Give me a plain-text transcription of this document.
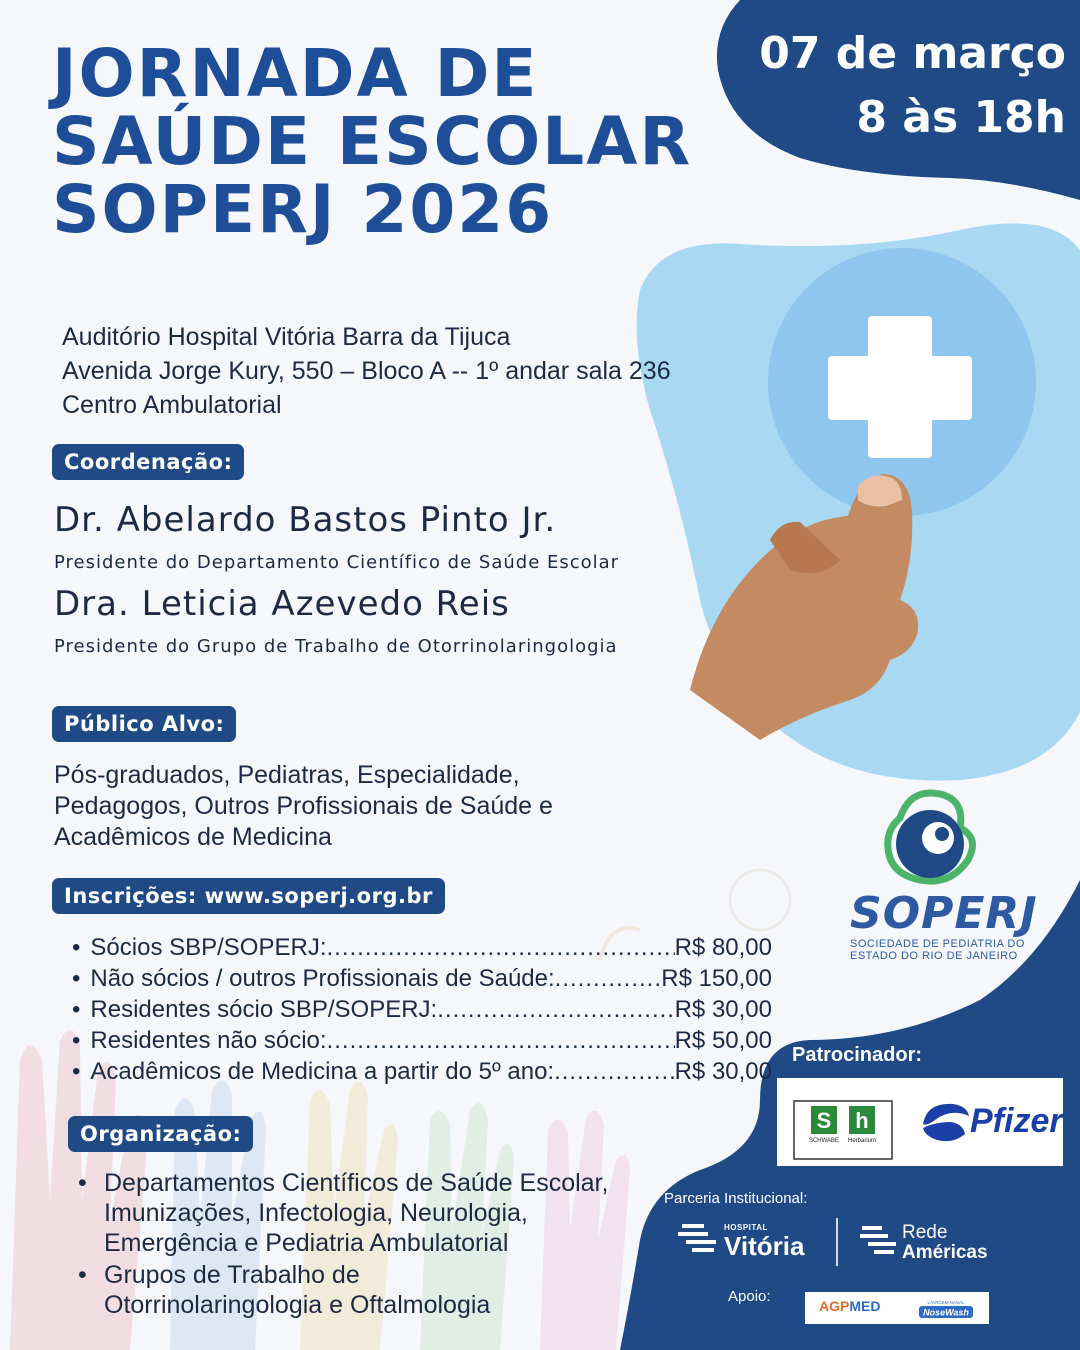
JORNADA DE
SAÚDE ESCOLAR
SOPERJ 2026
07 de março
8 às 18h
Auditório Hospital Vitória Barra da Tijuca
Avenida Jorge Kury, 550 – Bloco A -- 1º andar sala 236
Centro Ambulatorial
Coordenação:
Dr. Abelardo Bastos Pinto Jr.
Presidente do Departamento Científico de Saúde Escolar
Dra. Leticia Azevedo Reis
Presidente do Grupo de Trabalho de Otorrinolaringologia
Público Alvo:
Pós-graduados, Pediatras, Especialidade,
Pedagogos, Outros Profissionais de Saúde e
Acadêmicos de Medicina
Inscrições: www.soperj.org.br
• Sócios SBP/SOPERJ: .....	R$ 80,00
• Não sócios / outros Profissionais de Saúde: .....	R$ 150,00
• Residentes sócio SBP/SOPERJ: .....	R$ 30,00
• Residentes não sócio: .....	R$ 50,00
• Acadêmicos de Medicina a partir do 5º ano: .....	R$ 30,00
Organização:
• Departamentos Científicos de Saúde Escolar,
Imunizações, Infectologia, Neurologia,
Emergência e Pediatria Ambulatorial
• Grupos de Trabalho de
Otorrinolaringologia e Oftalmologia
SOPERJ
SOCIEDADE DE PEDIATRIA DO
ESTADO DO RIO DE JANEIRO
Patrocinador:
S
SCHWABE
h
Herbarium
Pfizer
Parceria Institucional:
HOSPITAL
Vitória	Rede
Américas
Apoio:
AGPMED	LAVAGEM NASAL
NoseWash
